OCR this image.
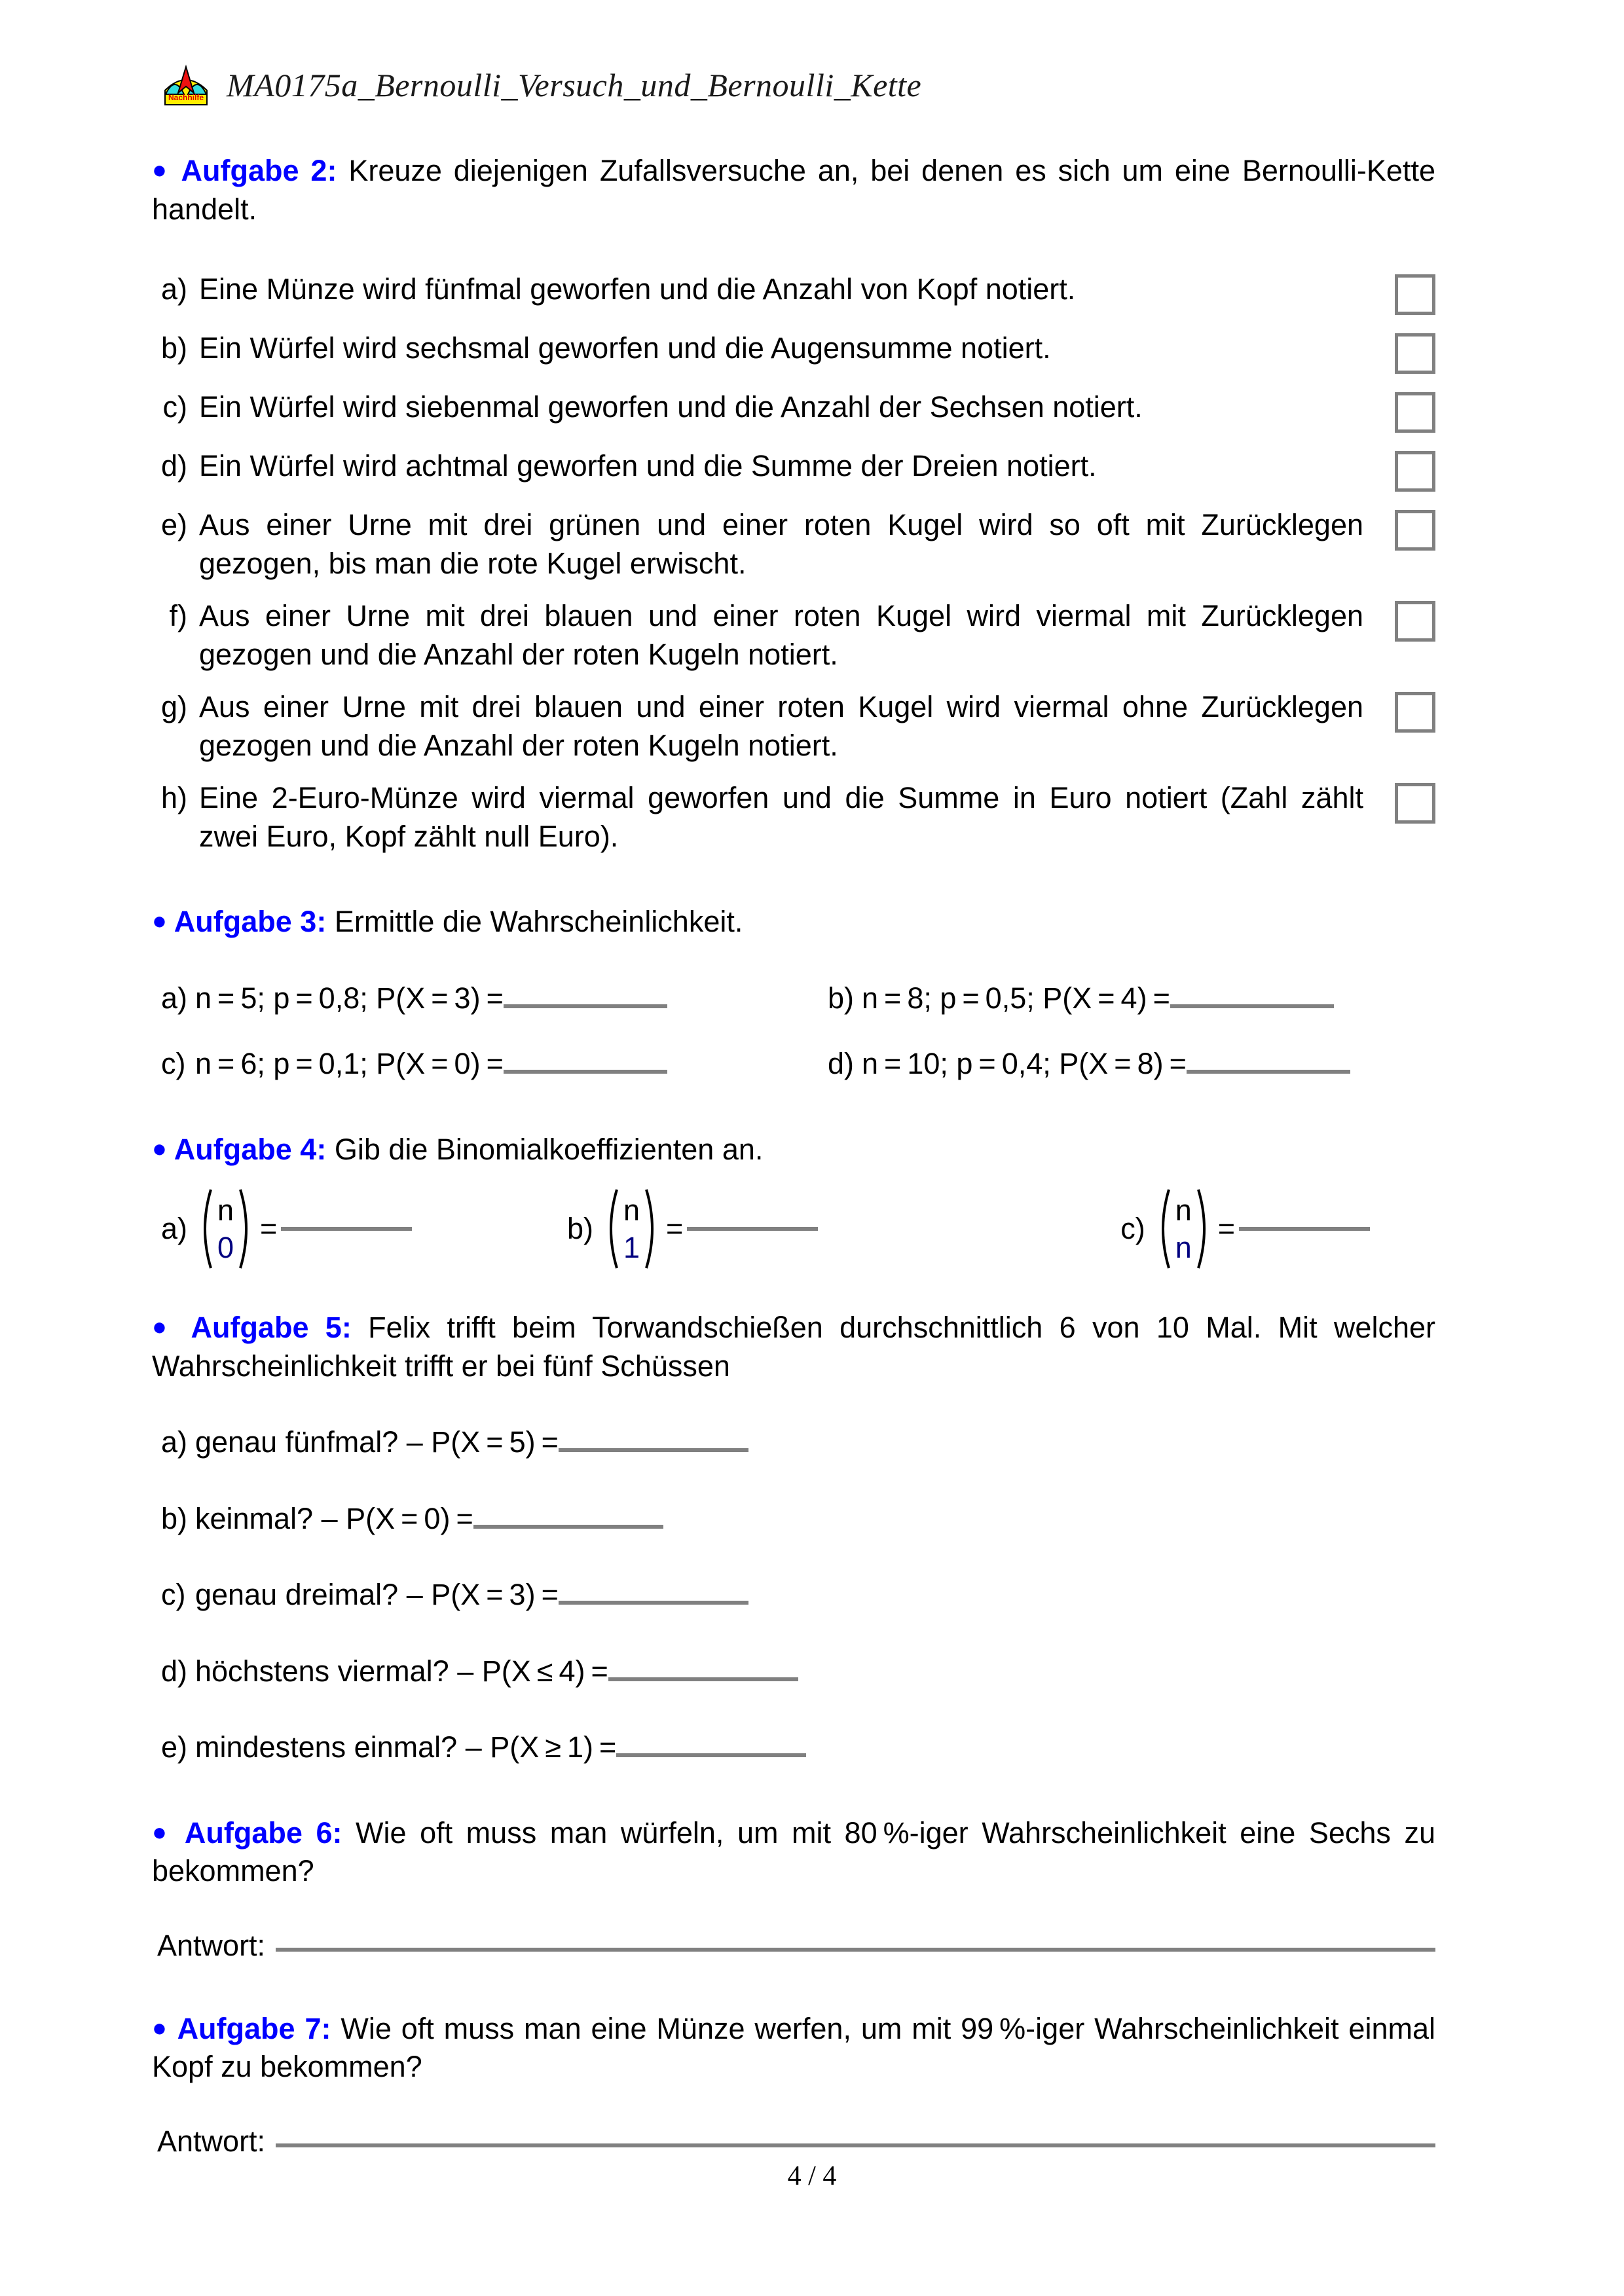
Nachhilfe MA0175a_Bernoulli_Versuch_und_Bernoulli_Kette

● Aufgabe 2: Kreuze diejenigen Zufallsversuche an, bei denen es sich um eine Bernoulli-Kette handelt.

a) Eine Münze wird fünfmal geworfen und die Anzahl von Kopf notiert.
b) Ein Würfel wird sechsmal geworfen und die Augensumme notiert.
c) Ein Würfel wird siebenmal geworfen und die Anzahl der Sechsen notiert.
d) Ein Würfel wird achtmal geworfen und die Summe der Dreien notiert.
e) Aus einer Urne mit drei grünen und einer roten Kugel wird so oft mit Zurücklegen gezogen, bis man die rote Kugel erwischt.
f) Aus einer Urne mit drei blauen und einer roten Kugel wird viermal mit Zurücklegen gezogen und die Anzahl der roten Kugeln notiert.
g) Aus einer Urne mit drei blauen und einer roten Kugel wird viermal ohne Zurücklegen gezogen und die Anzahl der roten Kugeln notiert.
h) Eine 2-Euro-Münze wird viermal geworfen und die Summe in Euro notiert (Zahl zählt zwei Euro, Kopf zählt null Euro).

● Aufgabe 3: Ermittle die Wahrscheinlichkeit.

a) n = 5; p = 0,8; P(X = 3) =	b) n = 8; p = 0,5; P(X = 4) =
c) n = 6; p = 0,1; P(X = 0) =	d) n = 10; p = 0,4; P(X = 8) =

● Aufgabe 4: Gib die Binomialkoeffizienten an.

a)
n
0
=	b)
n
1
=	c)
n
n
=

● Aufgabe 5: Felix trifft beim Torwandschießen durchschnittlich 6 von 10 Mal. Mit welcher Wahrscheinlichkeit trifft er bei fünf Schüssen

a) genau fünfmal? – P(X = 5) =
b) keinmal? – P(X = 0) =
c) genau dreimal? – P(X = 3) =
d) höchstens viermal? – P(X ≤ 4) =
e) mindestens einmal? – P(X ≥ 1) =

● Aufgabe 6: Wie oft muss man würfeln, um mit 80 %-iger Wahrscheinlichkeit eine Sechs zu bekommen?

Antwort:

● Aufgabe 7: Wie oft muss man eine Münze werfen, um mit 99 %-iger Wahrscheinlichkeit einmal Kopf zu bekommen?

Antwort:
4 / 4
